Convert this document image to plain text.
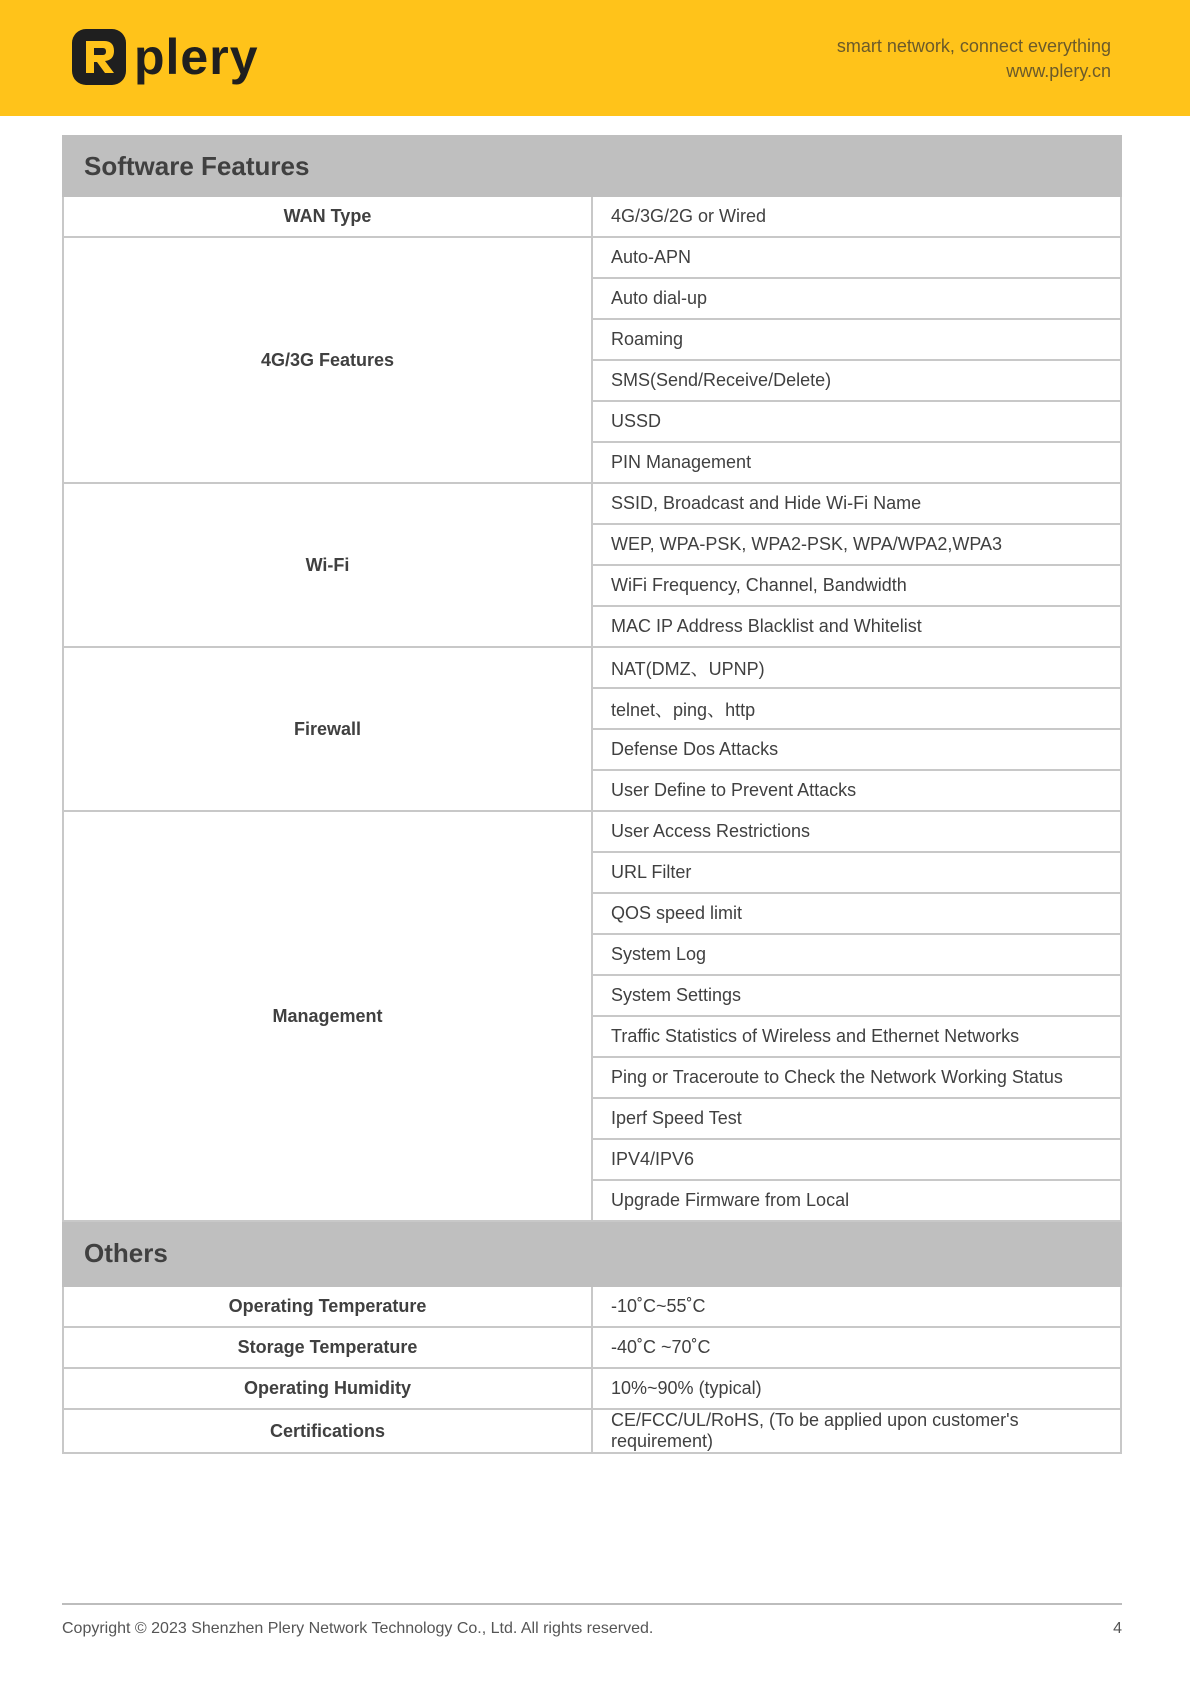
plery	smart network, connect everything
www.plery.cn
Software Features	
WAN Type	4G/3G/2G or Wired
4G/3G Features	Auto-APN
	Auto dial-up
	Roaming
	SMS(Send/Receive/Delete)
	USSD
	PIN Management
Wi-Fi	SSID, Broadcast and Hide Wi-Fi Name
	WEP, WPA-PSK, WPA2-PSK, WPA/WPA2,WPA3
	WiFi Frequency, Channel, Bandwidth
	MAC IP Address Blacklist and Whitelist
Firewall	NAT(DMZ、UPNP)
	telnet、ping、http
	Defense Dos Attacks
	User Define to Prevent Attacks
Management	User Access Restrictions
	URL Filter
	QOS speed limit
	System Log
	System Settings
	Traffic Statistics of Wireless and Ethernet Networks
	Ping or Traceroute to Check the Network Working Status
	Iperf Speed Test
	IPV4/IPV6
	Upgrade Firmware from Local
Others	
Operating Temperature	-10˚C~55˚C
Storage Temperature	-40˚C ~70˚C
Operating Humidity	10%~90% (typical)
Certifications	CE/FCC/UL/RoHS, (To be applied upon customer's requirement)
Copyright © 2023 Shenzhen Plery Network Technology Co., Ltd. All rights reserved.	4
